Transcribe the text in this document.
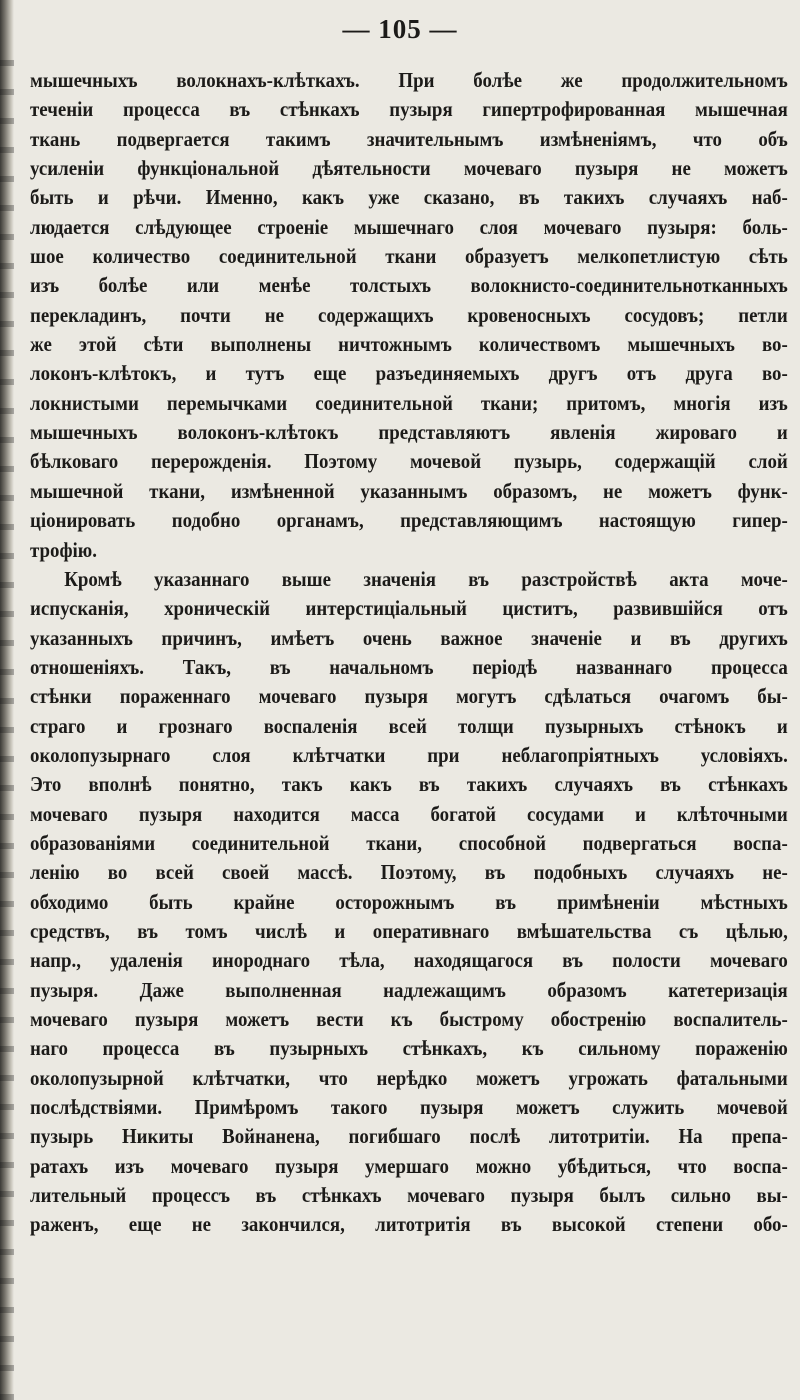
— 105 —
мышечныхъ волокнахъ-клѣткахъ. При болѣе же продолжительномъ
теченіи процесса въ стѣнкахъ пузыря гипертрофированная мышечная
ткань подвергается такимъ значительнымъ измѣненіямъ, что объ
усиленіи функціональной дѣятельности мочеваго пузыря не можетъ
быть и рѣчи. Именно, какъ уже сказано, въ такихъ случаяхъ наб-
людается слѣдующее строеніе мышечнаго слоя мочеваго пузыря: боль-
шое количество соединительной ткани образуетъ мелкопетлистую сѣть
изъ болѣе или менѣе толстыхъ волокнисто-соединительнотканныхъ
перекладинъ, почти не содержащихъ кровеносныхъ сосудовъ; петли
же этой сѣти выполнены ничтожнымъ количествомъ мышечныхъ во-
локонъ-клѣтокъ, и тутъ еще разъединяемыхъ другъ отъ друга во-
локнистыми перемычками соединительной ткани; притомъ, многія изъ
мышечныхъ волоконъ-клѣтокъ представляютъ явленія жироваго и
бѣлковаго перерожденія. Поэтому мочевой пузырь, содержащій слой
мышечной ткани, измѣненной указаннымъ образомъ, не можетъ функ-
ціонировать подобно органамъ, представляющимъ настоящую гипер-
трофію.
Кромѣ указаннаго выше значенія въ разстройствѣ акта моче-
испусканія, хроническій интерстиціальный циститъ, развившійся отъ
указанныхъ причинъ, имѣетъ очень важное значеніе и въ другихъ
отношеніяхъ. Такъ, въ начальномъ періодѣ названнаго процесса
стѣнки пораженнаго мочеваго пузыря могутъ сдѣлаться очагомъ бы-
страго и грознаго воспаленія всей толщи пузырныхъ стѣнокъ и
околопузырнаго слоя клѣтчатки при неблагопріятныхъ условіяхъ.
Это вполнѣ понятно, такъ какъ въ такихъ случаяхъ въ стѣнкахъ
мочеваго пузыря находится масса богатой сосудами и клѣточными
образованіями соединительной ткани, способной подвергаться воспа-
ленію во всей своей массѣ. Поэтому, въ подобныхъ случаяхъ не-
обходимо быть крайне осторожнымъ въ примѣненіи мѣстныхъ
средствъ, въ томъ числѣ и оперативнаго вмѣшательства съ цѣлью,
напр., удаленія инороднаго тѣла, находящагося въ полости мочеваго
пузыря. Даже выполненная надлежащимъ образомъ катетеризація
мочеваго пузыря можетъ вести къ быстрому обостренію воспалитель-
наго процесса въ пузырныхъ стѣнкахъ, къ сильному пораженію
околопузырной клѣтчатки, что нерѣдко можетъ угрожать фатальными
послѣдствіями. Примѣромъ такого пузыря можетъ служить мочевой
пузырь Никиты Войнанена, погибшаго послѣ литотритіи. На препа-
ратахъ изъ мочеваго пузыря умершаго можно убѣдиться, что воспа-
лительный процессъ въ стѣнкахъ мочеваго пузыря былъ сильно вы-
раженъ, еще не закончился, литотритія въ высокой степени обо-
